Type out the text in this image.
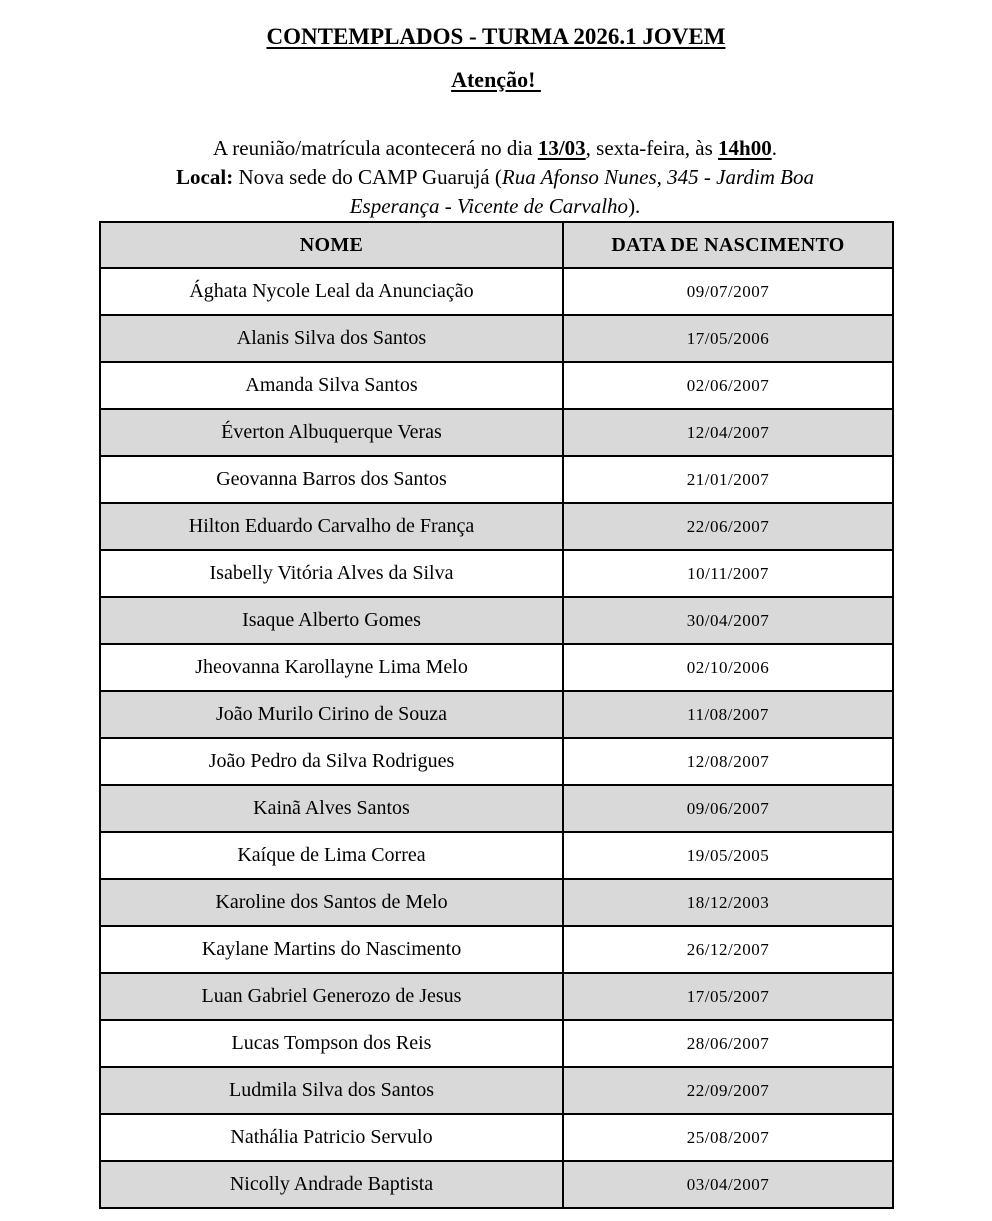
CONTEMPLADOS - TURMA 2026.1 JOVEM
Atenção!
A reunião/matrícula acontecerá no dia 13/03, sexta-feira, às 14h00.
Local: Nova sede do CAMP Guarujá (Rua Afonso Nunes, 345 - Jardim Boa Esperança - Vicente de Carvalho).
NOME	DATA DE NASCIMENTO
Ághata Nycole Leal da Anunciação	09/07/2007
Alanis Silva dos Santos	17/05/2006
Amanda Silva Santos	02/06/2007
Éverton Albuquerque Veras	12/04/2007
Geovanna Barros dos Santos	21/01/2007
Hilton Eduardo Carvalho de França	22/06/2007
Isabelly Vitória Alves da Silva	10/11/2007
Isaque Alberto Gomes	30/04/2007
Jheovanna Karollayne Lima Melo	02/10/2006
João Murilo Cirino de Souza	11/08/2007
João Pedro da Silva Rodrigues	12/08/2007
Kainã Alves Santos	09/06/2007
Kaíque de Lima Correa	19/05/2005
Karoline dos Santos de Melo	18/12/2003
Kaylane Martins do Nascimento	26/12/2007
Luan Gabriel Generozo de Jesus	17/05/2007
Lucas Tompson dos Reis	28/06/2007
Ludmila Silva dos Santos	22/09/2007
Nathália Patricio Servulo	25/08/2007
Nicolly Andrade Baptista	03/04/2007
